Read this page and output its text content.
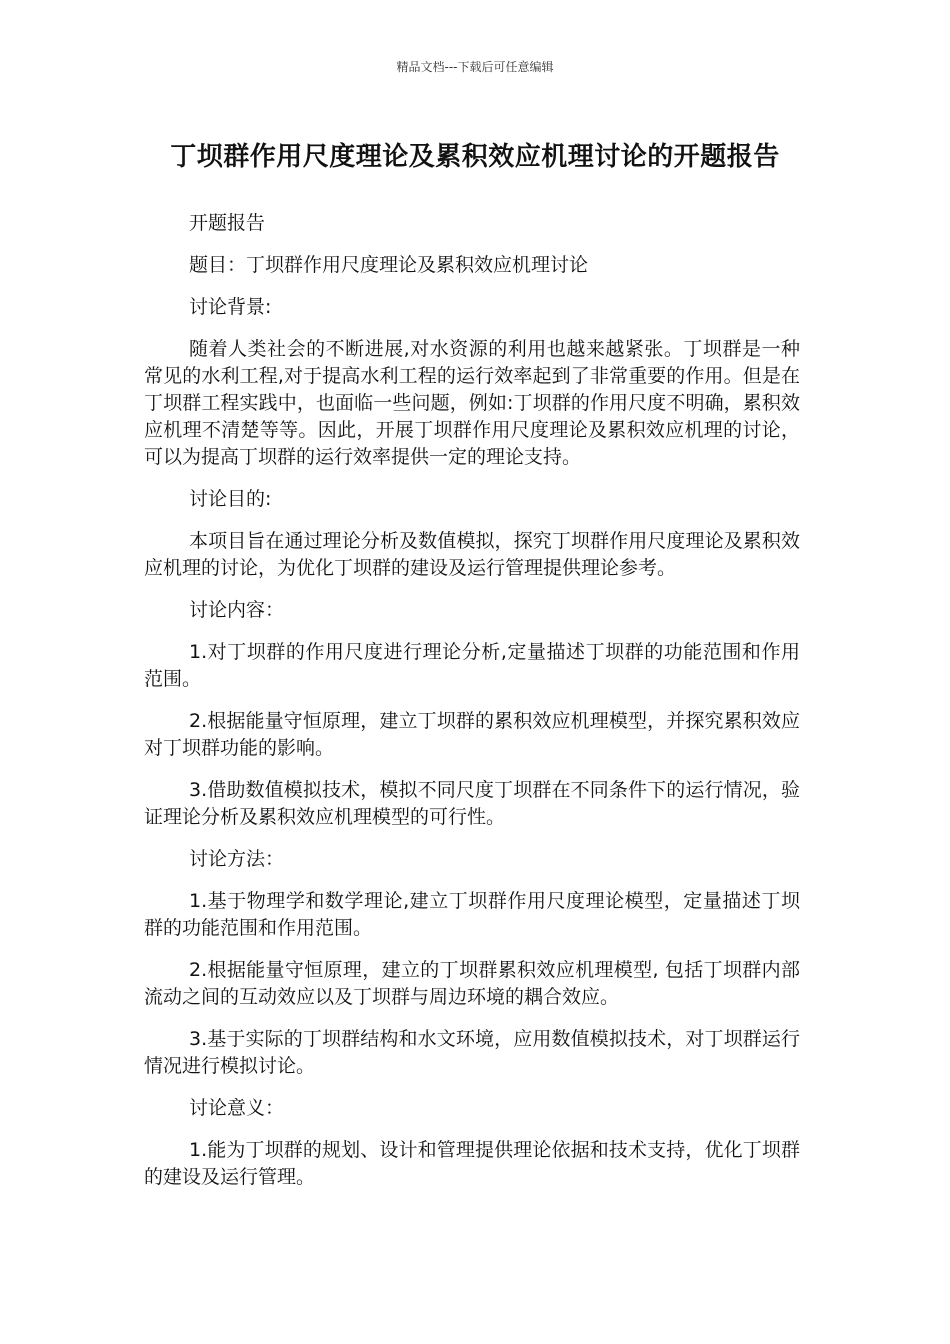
精品文档---下载后可任意编辑
丁坝群作用尺度理论及累积效应机理讨论的开题报告

开题报告

题目：丁坝群作用尺度理论及累积效应机理讨论

讨论背景:

随着人类社会的不断进展,对水资源的利用也越来越紧张。丁坝群是一种常见的水利工程,对于提高水利工程的运行效率起到了非常重要的作用。但是在丁坝群工程实践中，也面临一些问题，例如:丁坝群的作用尺度不明确，累积效应机理不清楚等等。因此，开展丁坝群作用尺度理论及累积效应机理的讨论，可以为提高丁坝群的运行效率提供一定的理论支持。

讨论目的:

本项目旨在通过理论分析及数值模拟，探究丁坝群作用尺度理论及累积效应机理的讨论，为优化丁坝群的建设及运行管理提供理论参考。

讨论内容：

1.对丁坝群的作用尺度进行理论分析,定量描述丁坝群的功能范围和作用范围。

2.根据能量守恒原理，建立丁坝群的累积效应机理模型，并探究累积效应对丁坝群功能的影响。

3.借助数值模拟技术，模拟不同尺度丁坝群在不同条件下的运行情况，验证理论分析及累积效应机理模型的可行性。

讨论方法：

1.基于物理学和数学理论,建立丁坝群作用尺度理论模型，定量描述丁坝群的功能范围和作用范围。

2.根据能量守恒原理，建立的丁坝群累积效应机理模型, 包括丁坝群内部流动之间的互动效应以及丁坝群与周边环境的耦合效应。

3.基于实际的丁坝群结构和水文环境，应用数值模拟技术，对丁坝群运行情况进行模拟讨论。

讨论意义：

1.能为丁坝群的规划、设计和管理提供理论依据和技术支持，优化丁坝群的建设及运行管理。
